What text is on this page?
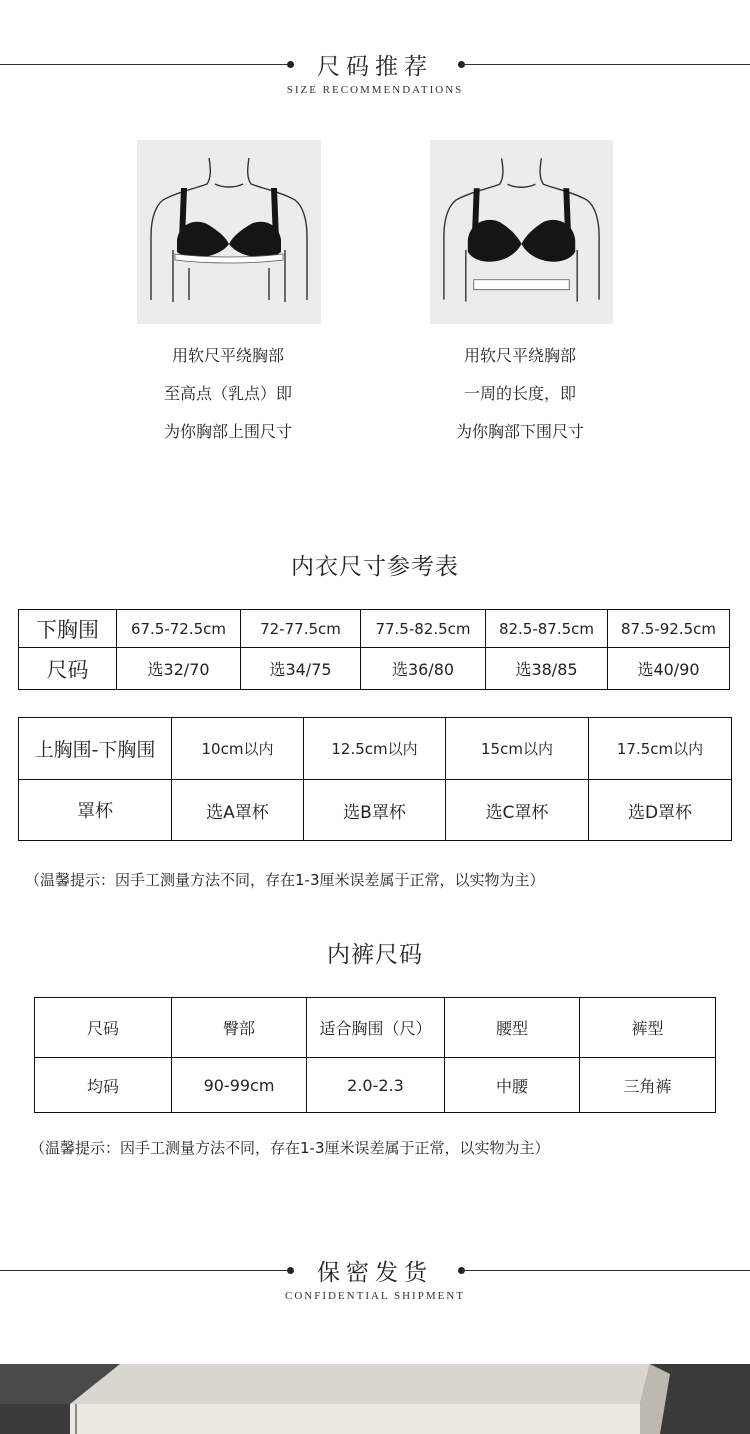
尺码推荐
SIZE RECOMMENDATIONS
用软尺平绕胸部
至高点（乳点）即
为你胸部上围尺寸
用软尺平绕胸部
一周的长度，即
为你胸部下围尺寸
内衣尺寸参考表
下胸围	67.5-72.5cm	72-77.5cm	77.5-82.5cm	82.5-87.5cm	87.5-92.5cm
尺码	选32/70	选34/75	选36/80	选38/85	选40/90
上胸围-下胸围	10cm以内	12.5cm以内	15cm以内	17.5cm以内
罩杯	选A罩杯	选B罩杯	选C罩杯	选D罩杯
（温馨提示：因手工测量方法不同，存在1-3厘米误差属于正常，以实物为主）
内裤尺码
尺码	臀部	适合胸围（尺）	腰型	裤型
均码	90-99cm	2.0-2.3	中腰	三角裤
（温馨提示：因手工测量方法不同，存在1-3厘米误差属于正常，以实物为主）
保密发货
CONFIDENTIAL SHIPMENT
